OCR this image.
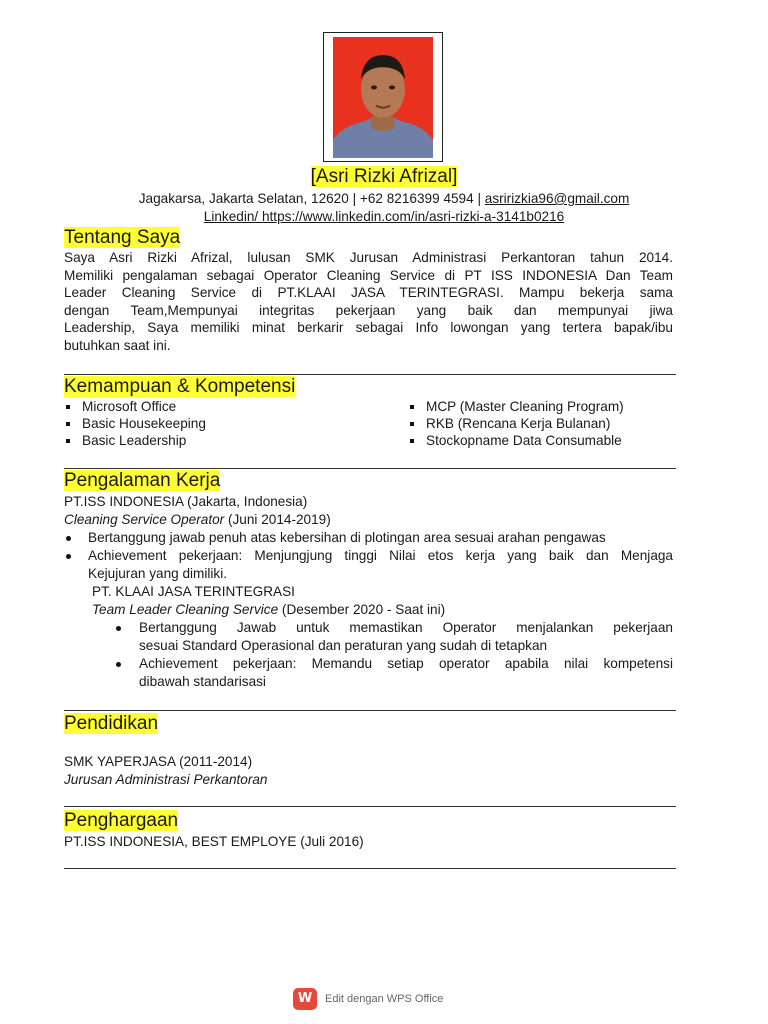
[Asri Rizki Afrizal]
Jagakarsa, Jakarta Selatan, 12620 | +62 8216399 4594 | asririzkia96@gmail.com
Linkedin/ https://www.linkedin.com/in/asri-rizki-a-3141b0216
Tentang Saya
Saya Asri Rizki Afrizal, lulusan SMK Jurusan Administrasi Perkantoran tahun 2014.
Memiliki pengalaman sebagai Operator Cleaning Service di PT ISS INDONESIA Dan Team
Leader Cleaning Service di PT.KLAAI JASA TERINTEGRASI. Mampu bekerja sama
dengan Team,Mempunyai integritas pekerjaan yang baik dan mempunyai jiwa
Leadership, Saya memiliki minat berkarir sebagai Info lowongan yang tertera bapak/ibu
butuhkan saat ini.
Kemampuan & Kompetensi
Microsoft Office
Basic Housekeeping
Basic Leadership
MCP (Master Cleaning Program)
RKB (Rencana Kerja Bulanan)
Stockopname Data Consumable
Pengalaman Kerja
PT.ISS INDONESIA (Jakarta, Indonesia)
Cleaning Service Operator (Juni 2014-2019)
Bertanggung jawab penuh atas kebersihan di plotingan area sesuai arahan pengawas
Achievement pekerjaan: Menjungjung tinggi Nilai etos kerja yang baik dan Menjaga
Kejujuran yang dimiliki.
PT. KLAAI JASA TERINTEGRASI
Team Leader Cleaning Service (Desember 2020 - Saat ini)
Bertanggung Jawab untuk memastikan Operator menjalankan pekerjaan
sesuai Standard Operasional dan peraturan yang sudah di tetapkan
Achievement pekerjaan: Memandu setiap operator apabila nilai kompetensi
dibawah standarisasi
Pendidikan
SMK YAPERJASA (2011-2014)
Jurusan Administrasi Perkantoran
Penghargaan
PT.ISS INDONESIA, BEST EMPLOYE (Juli 2016)
W	Edit dengan WPS Office
